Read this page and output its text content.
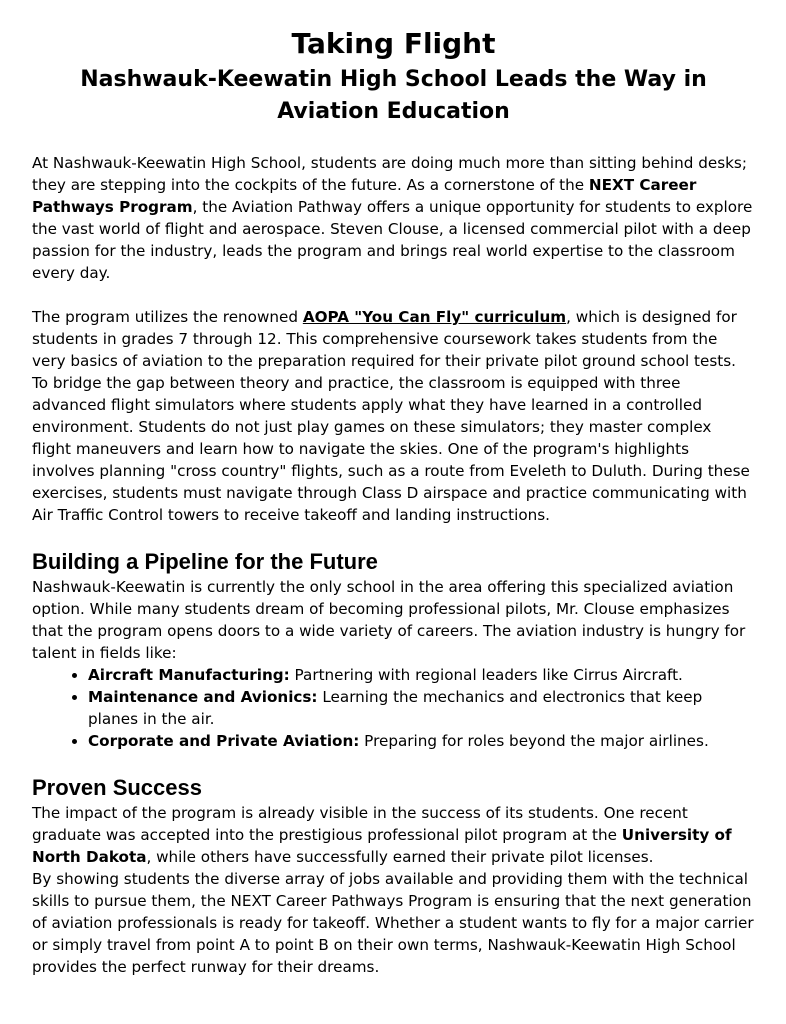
Taking Flight
Nashwauk-Keewatin High School Leads the Way in Aviation Education

At Nashwauk-Keewatin High School, students are doing much more than sitting behind desks; they are stepping into the cockpits of the future. As a cornerstone of the NEXT Career Pathways Program, the Aviation Pathway offers a unique opportunity for students to explore the vast world of flight and aerospace. Steven Clouse, a licensed commercial pilot with a deep passion for the industry, leads the program and brings real world expertise to the classroom every day.

The program utilizes the renowned AOPA "You Can Fly" curriculum, which is designed for students in grades 7 through 12. This comprehensive coursework takes students from the very basics of aviation to the preparation required for their private pilot ground school tests. To bridge the gap between theory and practice, the classroom is equipped with three advanced flight simulators where students apply what they have learned in a controlled environment. Students do not just play games on these simulators; they master complex flight maneuvers and learn how to navigate the skies. One of the program's highlights involves planning "cross country" flights, such as a route from Eveleth to Duluth. During these exercises, students must navigate through Class D airspace and practice communicating with Air Traffic Control towers to receive takeoff and landing instructions.

Building a Pipeline for the Future

Nashwauk-Keewatin is currently the only school in the area offering this specialized aviation option. While many students dream of becoming professional pilots, Mr. Clouse emphasizes that the program opens doors to a wide variety of careers. The aviation industry is hungry for talent in fields like:

• Aircraft Manufacturing: Partnering with regional leaders like Cirrus Aircraft.
• Maintenance and Avionics: Learning the mechanics and electronics that keep planes in the air.
• Corporate and Private Aviation: Preparing for roles beyond the major airlines.
Proven Success

The impact of the program is already visible in the success of its students. One recent graduate was accepted into the prestigious professional pilot program at the University of North Dakota, while others have successfully earned their private pilot licenses.

By showing students the diverse array of jobs available and providing them with the technical skills to pursue them, the NEXT Career Pathways Program is ensuring that the next generation of aviation professionals is ready for takeoff. Whether a student wants to fly for a major carrier or simply travel from point A to point B on their own terms, Nashwauk-Keewatin High School provides the perfect runway for their dreams.
